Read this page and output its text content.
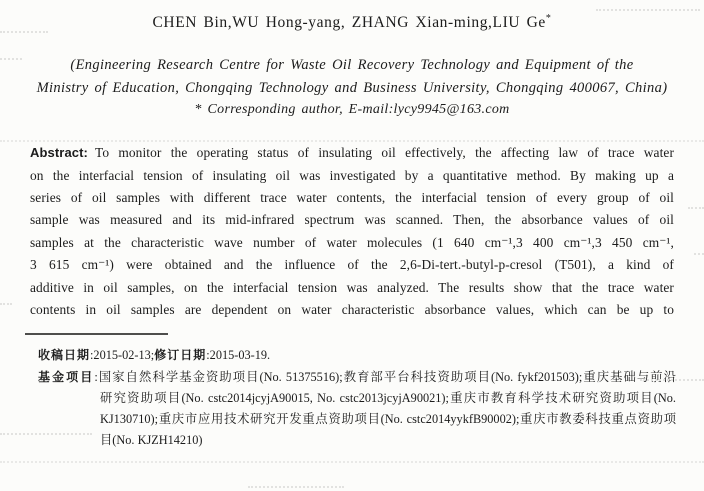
CHEN Bin,WU Hong-yang, ZHANG Xian-ming,LIU Ge*
(Engineering Research Centre for Waste Oil Recovery Technology and Equipment of the
Ministry of Education, Chongqing Technology and Business University, Chongqing 400067, China)
* Corresponding author, E-mail:lycy9945@163.com
Abstract: To monitor the operating status of insulating oil effectively, the affecting law of trace water
on the interfacial tension of insulating oil was investigated by a quantitative method. By making up a
series of oil samples with different trace water contents, the interfacial tension of every group of oil
sample was measured and its mid-infrared spectrum was scanned. Then, the absorbance values of oil
samples at the characteristic wave number of water molecules (1 640 cm⁻¹,3 400 cm⁻¹,3 450 cm⁻¹,
3 615 cm⁻¹) were obtained and the influence of the 2,6-Di-tert.-butyl-p-cresol (T501), a kind of
additive in oil samples, on the interfacial tension was analyzed. The results show that the trace water
contents in oil samples are dependent on water characteristic absorbance values, which can be up to
收稿日期:2015-02-13;修订日期:2015-03-19.
基金项目:国家自然科学基金资助项目(No. 51375516);教育部平台科技资助项目(No. fykf201503);重庆基础与前沿
研究资助项目(No. cstc2014jcyjA90015, No. cstc2013jcyjA90021);重庆市教育科学技术研究资助项目(No.
KJ130710);重庆市应用技术研究开发重点资助项目(No. cstc2014yykfB90002);重庆市教委科技重点资助项
目(No. KJZH14210)
